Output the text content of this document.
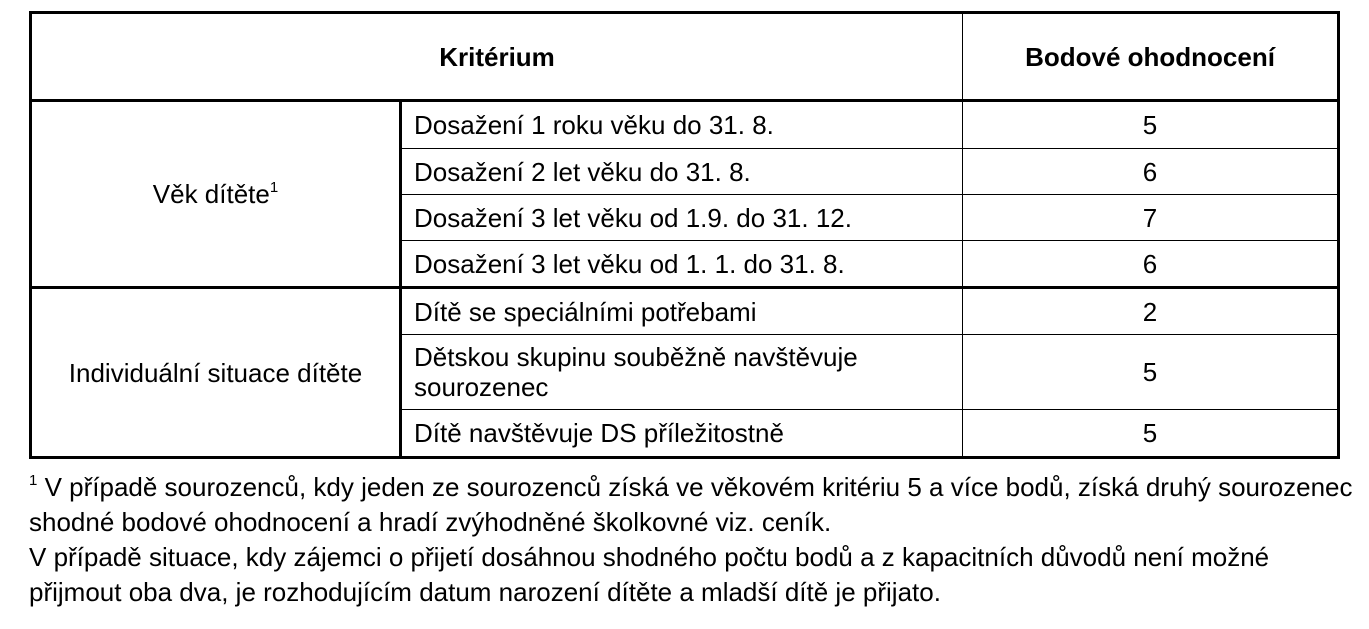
Kritérium		Bodové ohodnocení
Věk dítěte$^1$	Dosažení 1 roku věku do 31. 8.	5
	Dosažení 2 let věku do 31. 8.	6
	Dosažení 3 let věku od 1.9. do 31. 12.	7
	Dosažení 3 let věku od 1. 1. do 31. 8.	6
Individuální situace dítěte	Dítě se speciálními potřebami	2
	Dětskou skupinu souběžně navštěvuje sourozenec	5
	Dítě navštěvuje DS příležitostně	5

$^1$ V případě sourozenců, kdy jeden ze sourozenců získá ve věkovém kritériu 5 a více bodů, získá druhý sourozenec shodné bodové ohodnocení a hradí zvýhodněné školkovné viz. ceník.

V případě situace, kdy zájemci o přijetí dosáhnou shodného počtu bodů a z kapacitních důvodů není možné přijmout oba dva, je rozhodujícím datum narození dítěte a mladší dítě je přijato.
